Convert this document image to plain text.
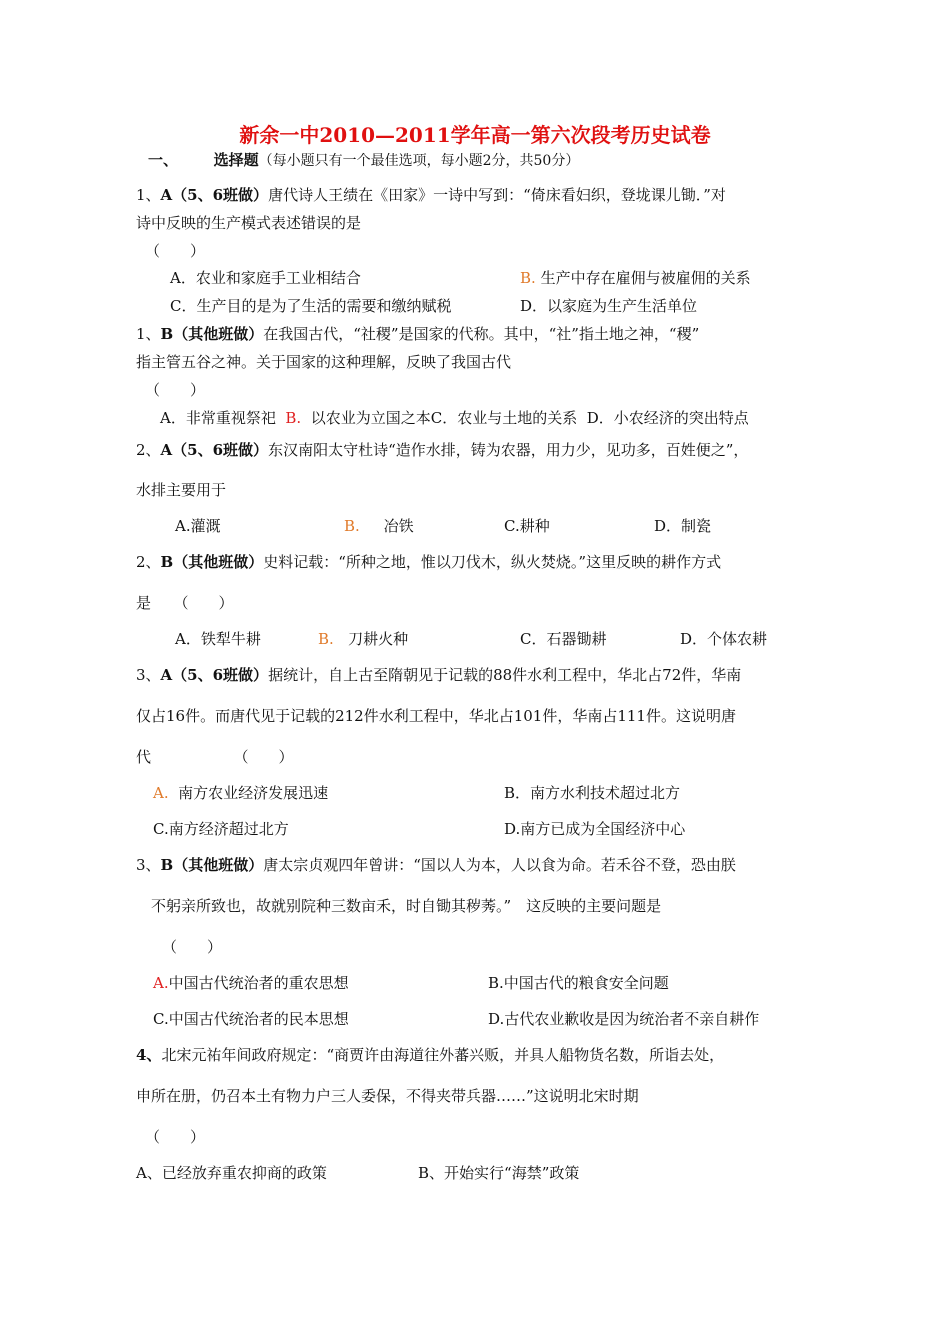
新余一中2010—2011学年高一第六次段考历史试卷
一、 选择题（每小题只有一个最佳选项，每小题2分，共50分）
1、A（5、6班做）唐代诗人王绩在《田家》一诗中写到：“倚床看妇织，登垅课儿锄．”对
诗中反映的生产模式表述错误的是
（　　）
A．农业和家庭手工业相结合	B. 生产中存在雇佣与被雇佣的关系
C．生产目的是为了生活的需要和缴纳赋税	D．以家庭为生产生活单位
1、B（其他班做）在我国古代，“社稷”是国家的代称。其中，“社”指土地之神，“稷”
指主管五谷之神。关于国家的这种理解，反映了我国古代
（　　）
A．非常重视祭祀 B. 以农业为立国之本C．农业与土地的关系 D．小农经济的突出特点
2、A（5、6班做）东汉南阳太守杜诗“造作水排，铸为农器，用力少，见功多，百姓便之”，
水排主要用于
A.灌溉	B. 冶铁	C.耕种	D．制瓷
2、B（其他班做）史料记载：“所种之地，惟以刀伐木，纵火焚烧。”这里反映的耕作方式
是　　（　　）
A．铁犁牛耕	B. 刀耕火种	C．石器锄耕	D．个体农耕
3、A（5、6班做）据统计，自上古至隋朝见于记载的88件水利工程中，华北占72件，华南
仅占16件。而唐代见于记载的212件水利工程中，华北占101件，华南占111件。这说明唐
代　　　　　　（　　）
A. 南方农业经济发展迅速	B．南方水利技术超过北方
C.南方经济超过北方	D.南方已成为全国经济中心
3、B（其他班做）唐太宗贞观四年曾讲：“国以人为本，人以食为命。若禾谷不登，恐由朕
不躬亲所致也，故就别院种三数亩禾，时自锄其秽莠。”　这反映的主要问题是
（　　）
A.中国古代统治者的重农思想	B.中国古代的粮食安全问题
C.中国古代统治者的民本思想	D.古代农业歉收是因为统治者不亲自耕作
4、北宋元祐年间政府规定：“商贾许由海道往外蕃兴贩，并具人船物货名数，所诣去处，
申所在册，仍召本土有物力户三人委保，不得夹带兵器……”这说明北宋时期
（　　）
A、已经放弃重农抑商的政策	B、开始实行“海禁”政策
